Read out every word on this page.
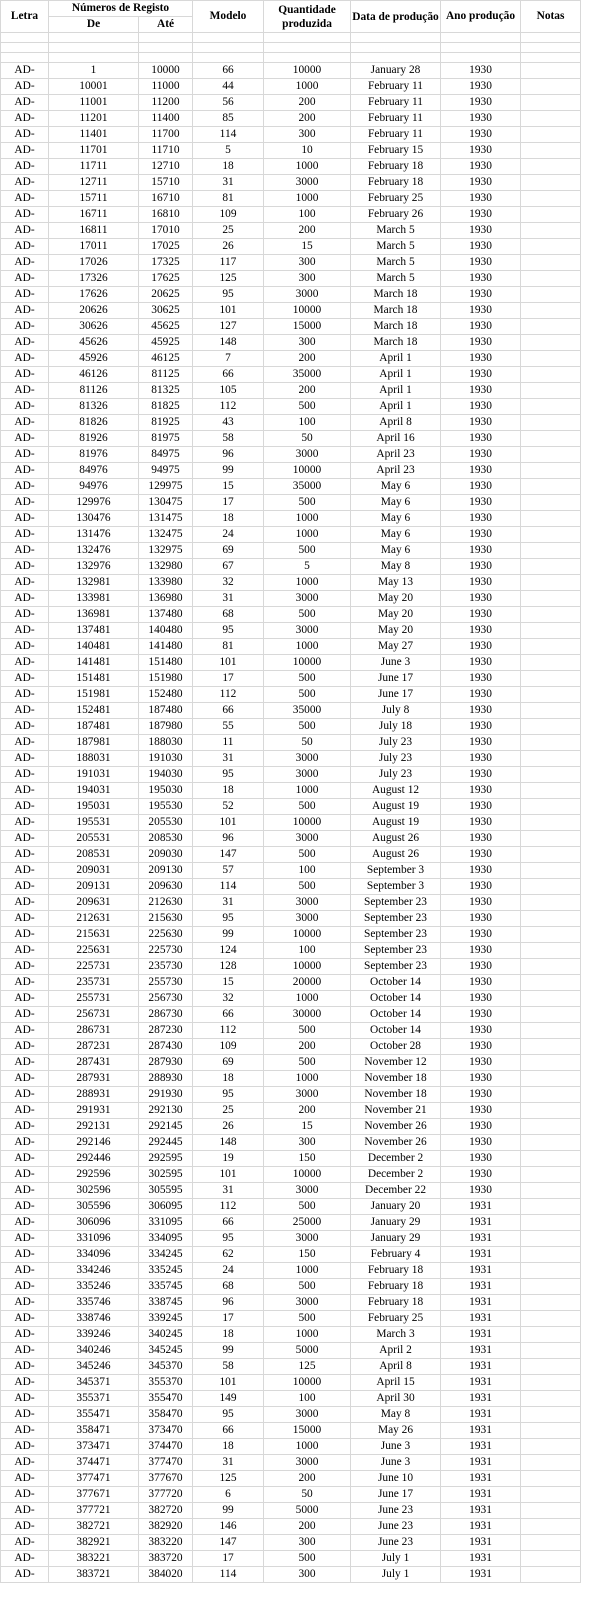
Letra	Números de Registo		Modelo	Quantidade produzida	Data de produção	Ano produção	Notas
	De	Até					

AD-	1	10000	66	10000	January 28	1930	
AD-	10001	11000	44	1000	February 11	1930	
AD-	11001	11200	56	200	February 11	1930	
AD-	11201	11400	85	200	February 11	1930	
AD-	11401	11700	114	300	February 11	1930	
AD-	11701	11710	5	10	February 15	1930	
AD-	11711	12710	18	1000	February 18	1930	
AD-	12711	15710	31	3000	February 18	1930	
AD-	15711	16710	81	1000	February 25	1930	
AD-	16711	16810	109	100	February 26	1930	
AD-	16811	17010	25	200	March 5	1930	
AD-	17011	17025	26	15	March 5	1930	
AD-	17026	17325	117	300	March 5	1930	
AD-	17326	17625	125	300	March 5	1930	
AD-	17626	20625	95	3000	March 18	1930	
AD-	20626	30625	101	10000	March 18	1930	
AD-	30626	45625	127	15000	March 18	1930	
AD-	45626	45925	148	300	March 18	1930	
AD-	45926	46125	7	200	April 1	1930	
AD-	46126	81125	66	35000	April 1	1930	
AD-	81126	81325	105	200	April 1	1930	
AD-	81326	81825	112	500	April 1	1930	
AD-	81826	81925	43	100	April 8	1930	
AD-	81926	81975	58	50	April 16	1930	
AD-	81976	84975	96	3000	April 23	1930	
AD-	84976	94975	99	10000	April 23	1930	
AD-	94976	129975	15	35000	May 6	1930	
AD-	129976	130475	17	500	May 6	1930	
AD-	130476	131475	18	1000	May 6	1930	
AD-	131476	132475	24	1000	May 6	1930	
AD-	132476	132975	69	500	May 6	1930	
AD-	132976	132980	67	5	May 8	1930	
AD-	132981	133980	32	1000	May 13	1930	
AD-	133981	136980	31	3000	May 20	1930	
AD-	136981	137480	68	500	May 20	1930	
AD-	137481	140480	95	3000	May 20	1930	
AD-	140481	141480	81	1000	May 27	1930	
AD-	141481	151480	101	10000	June 3	1930	
AD-	151481	151980	17	500	June 17	1930	
AD-	151981	152480	112	500	June 17	1930	
AD-	152481	187480	66	35000	July 8	1930	
AD-	187481	187980	55	500	July 18	1930	
AD-	187981	188030	11	50	July 23	1930	
AD-	188031	191030	31	3000	July 23	1930	
AD-	191031	194030	95	3000	July 23	1930	
AD-	194031	195030	18	1000	August 12	1930	
AD-	195031	195530	52	500	August 19	1930	
AD-	195531	205530	101	10000	August 19	1930	
AD-	205531	208530	96	3000	August 26	1930	
AD-	208531	209030	147	500	August 26	1930	
AD-	209031	209130	57	100	September 3	1930	
AD-	209131	209630	114	500	September 3	1930	
AD-	209631	212630	31	3000	September 23	1930	
AD-	212631	215630	95	3000	September 23	1930	
AD-	215631	225630	99	10000	September 23	1930	
AD-	225631	225730	124	100	September 23	1930	
AD-	225731	235730	128	10000	September 23	1930	
AD-	235731	255730	15	20000	October 14	1930	
AD-	255731	256730	32	1000	October 14	1930	
AD-	256731	286730	66	30000	October 14	1930	
AD-	286731	287230	112	500	October 14	1930	
AD-	287231	287430	109	200	October 28	1930	
AD-	287431	287930	69	500	November 12	1930	
AD-	287931	288930	18	1000	November 18	1930	
AD-	288931	291930	95	3000	November 18	1930	
AD-	291931	292130	25	200	November 21	1930	
AD-	292131	292145	26	15	November 26	1930	
AD-	292146	292445	148	300	November 26	1930	
AD-	292446	292595	19	150	December 2	1930	
AD-	292596	302595	101	10000	December 2	1930	
AD-	302596	305595	31	3000	December 22	1930	
AD-	305596	306095	112	500	January 20	1931	
AD-	306096	331095	66	25000	January 29	1931	
AD-	331096	334095	95	3000	January 29	1931	
AD-	334096	334245	62	150	February 4	1931	
AD-	334246	335245	24	1000	February 18	1931	
AD-	335246	335745	68	500	February 18	1931	
AD-	335746	338745	96	3000	February 18	1931	
AD-	338746	339245	17	500	February 25	1931	
AD-	339246	340245	18	1000	March 3	1931	
AD-	340246	345245	99	5000	April 2	1931	
AD-	345246	345370	58	125	April 8	1931	
AD-	345371	355370	101	10000	April 15	1931	
AD-	355371	355470	149	100	April 30	1931	
AD-	355471	358470	95	3000	May 8	1931	
AD-	358471	373470	66	15000	May 26	1931	
AD-	373471	374470	18	1000	June 3	1931	
AD-	374471	377470	31	3000	June 3	1931	
AD-	377471	377670	125	200	June 10	1931	
AD-	377671	377720	6	50	June 17	1931	
AD-	377721	382720	99	5000	June 23	1931	
AD-	382721	382920	146	200	June 23	1931	
AD-	382921	383220	147	300	June 23	1931	
AD-	383221	383720	17	500	July 1	1931	
AD-	383721	384020	114	300	July 1	1931	
